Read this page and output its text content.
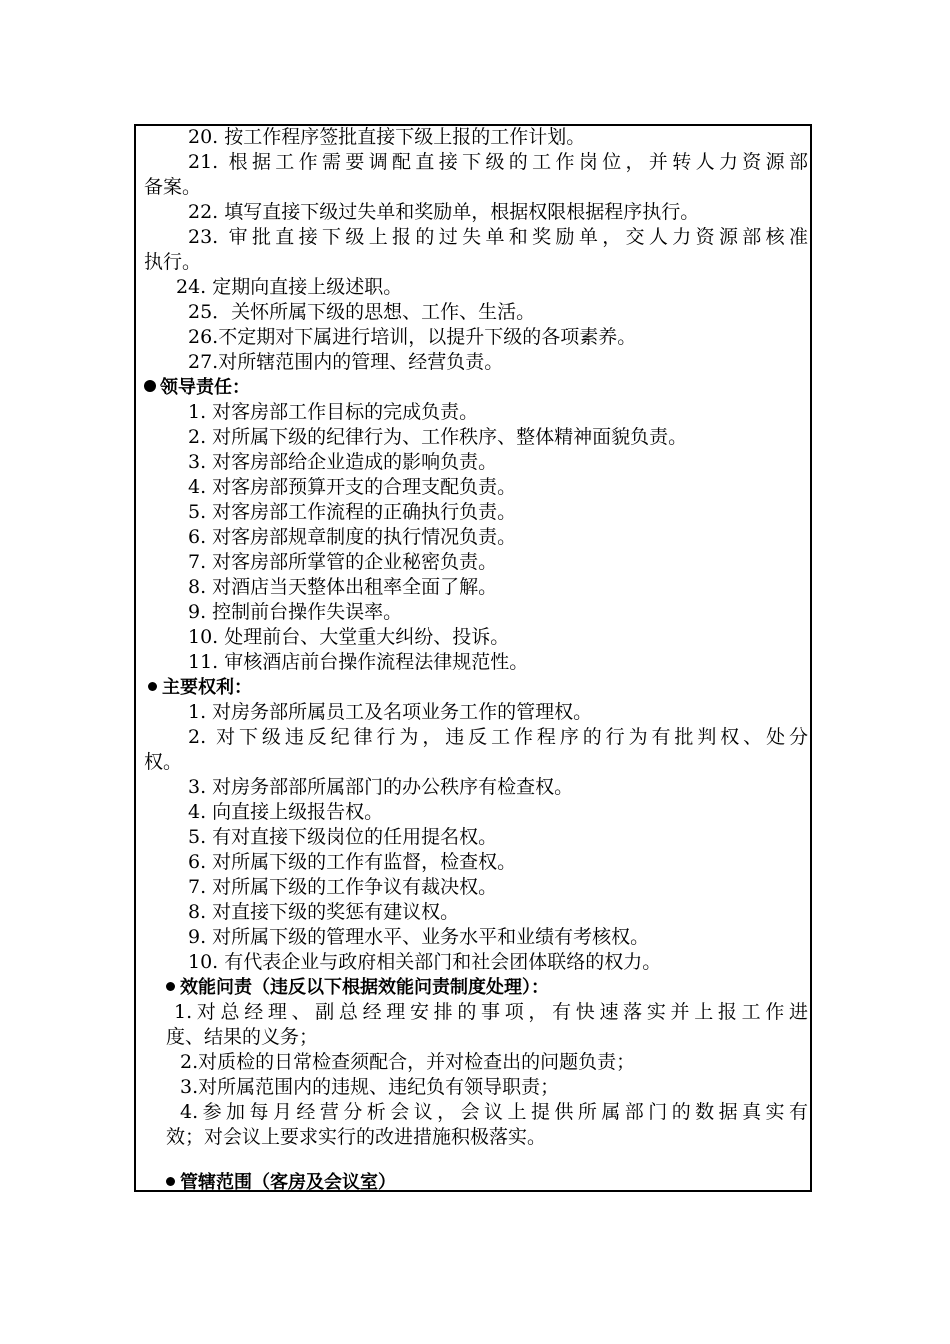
20. 按工作程序签批直接下级上报的工作计划。
21. 根据工作需要调配直接下级的工作岗位，并转人力资源部
备案。
22. 填写直接下级过失单和奖励单，根据权限根据程序执行。
23. 审批直接下级上报的过失单和奖励单，交人力资源部核准
执行。
24. 定期向直接上级述职。
25．关怀所属下级的思想、工作、生活。
26.不定期对下属进行培训，以提升下级的各项素养。
27.对所辖范围内的管理、经营负责。
领导责任：
1. 对客房部工作目标的完成负责。
2. 对所属下级的纪律行为、工作秩序、整体精神面貌负责。
3. 对客房部给企业造成的影响负责。
4. 对客房部预算开支的合理支配负责。
5. 对客房部工作流程的正确执行负责。
6. 对客房部规章制度的执行情况负责。
7. 对客房部所掌管的企业秘密负责。
8. 对酒店当天整体出租率全面了解。
9. 控制前台操作失误率。
10. 处理前台、大堂重大纠纷、投诉。
11. 审核酒店前台操作流程法律规范性。
主要权利：
1. 对房务部所属员工及名项业务工作的管理权。
2. 对下级违反纪律行为，违反工作程序的行为有批判权、处分
权。
3. 对房务部部所属部门的办公秩序有检查权。
4. 向直接上级报告权。
5. 有对直接下级岗位的任用提名权。
6. 对所属下级的工作有监督，检查权。
7. 对所属下级的工作争议有裁决权。
8. 对直接下级的奖惩有建议权。
9. 对所属下级的管理水平、业务水平和业绩有考核权。
10. 有代表企业与政府相关部门和社会团体联络的权力。
效能问责（违反以下根据效能问责制度处理）：
1.对总经理、副总经理安排的事项，有快速落实并上报工作进
度、结果的义务；
2.对质检的日常检查须配合，并对检查出的问题负责；
3.对所属范围内的违规、违纪负有领导职责；
4.参加每月经营分析会议，会议上提供所属部门的数据真实有
效；对会议上要求实行的改进措施积极落实。
管辖范围（客房及会议室）
